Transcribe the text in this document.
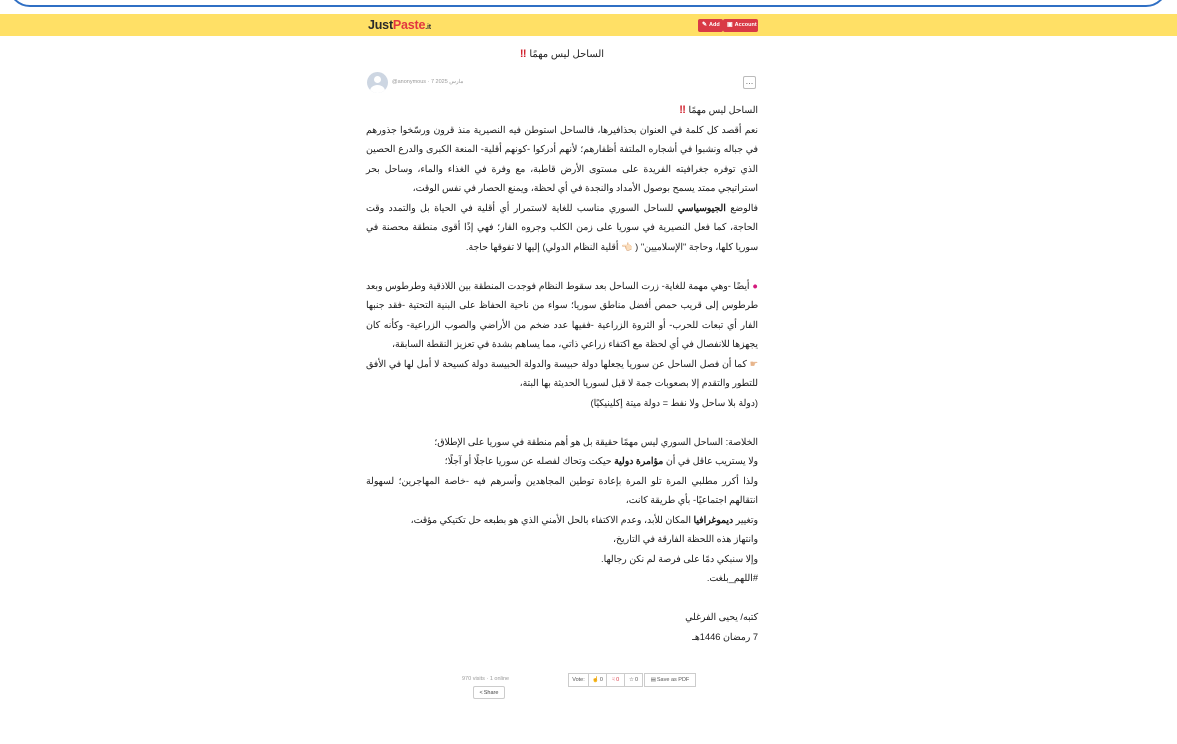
JustPaste.it	✎ Add ▣ Account
الساحل ليس مهمًا ‼
@anonymous · 7 مارس 2025	...

الساحل ليس مهمًا ‼

نعم أقصد كل كلمة في العنوان بحذافيرها، فالساحل استوطن فيه النصيرية منذ قرون ورسّخوا جذورهم في جباله ونشبوا في أشجاره الملتفة أظفارهم؛ لأنهم أدركوا -كونهم أقلية- المنعة الكبرى والدرع الحصين الذي توفره جغرافيته الفريدة على مستوى الأرض قاطبة، مع وفرة في الغذاء والماء، وساحل بحر استراتيجي ممتد يسمح بوصول الأمداد والنجدة في أي لحظة، ويمنع الحصار في نفس الوقت،

فالوضع الجيوسياسي للساحل السوري مناسب للغاية لاستمرار أي أقلية في الحياة بل والتمدد وقت الحاجة، كما فعل النصيرية في سوريا على زمن الكلب وجروه الفار؛ فهي إذًا أقوى منطقة محصنة في سوريا كلها، وحاجة "الإسلاميين" ( 👈🏻 أقلية النظام الدولي) إليها لا تفوقها حاجة.

● أيضًا -وهي مهمة للغاية- زرت الساحل بعد سقوط النظام فوجدت المنطقة بين اللاذقية وطرطوس وبعد طرطوس إلى قريب حمص أفضل مناطق سوريا؛ سواء من ناحية الحفاظ على البنية التحتية -فقد جنبها الفار أي تبعات للحرب- أو الثروة الزراعية -ففيها عدد ضخم من الأراضي والصوب الزراعية- وكأنه كان يجهزها للانفصال في أي لحظة مع اكتفاء زراعي ذاتي، مما يساهم بشدة في تعزيز النقطة السابقة،

☛ كما أن فصل الساحل عن سوريا يجعلها دولة حبيسة والدولة الحبيسة دولة كسيحة لا أمل لها في الأفق للتطور والتقدم إلا بصعوبات جمة لا قبل لسوريا الحديثة بها البتة،

(دولة بلا ساحل ولا نفط = دولة ميتة إكلينيكيًا)

الخلاصة: الساحل السوري ليس مهمًا حقيقة بل هو أهم منطقة في سوريا على الإطلاق؛

ولا يستريب عاقل في أن مؤامرة دولية حيكت وتحاك لفصله عن سوريا عاجلًا أو آجلًا؛

ولذا أكرر مطلبي المرة تلو المرة بإعادة توطين المجاهدين وأسرهم فيه -خاصة المهاجرين؛ لسهولة انتقالهم اجتماعيًا- بأي طريقة كانت،

وتغيير ديموغرافيا المكان للأبد، وعدم الاكتفاء بالحل الأمني الذي هو بطبعه حل تكتيكي مؤقت،

وانتهاز هذه اللحظة الفارقة في التاريخ،

وإلا سنبكي دمًا على فرصة لم نكن رجالها.

#اللهم_بلغت.

كتبه/ يحيى الفرغلي

7 رمضان 1446هـ

970 visits · 1 online
< Share
Vote: ☝ 0 ☟ 0 ☆ 0 ▤ Save as PDF
